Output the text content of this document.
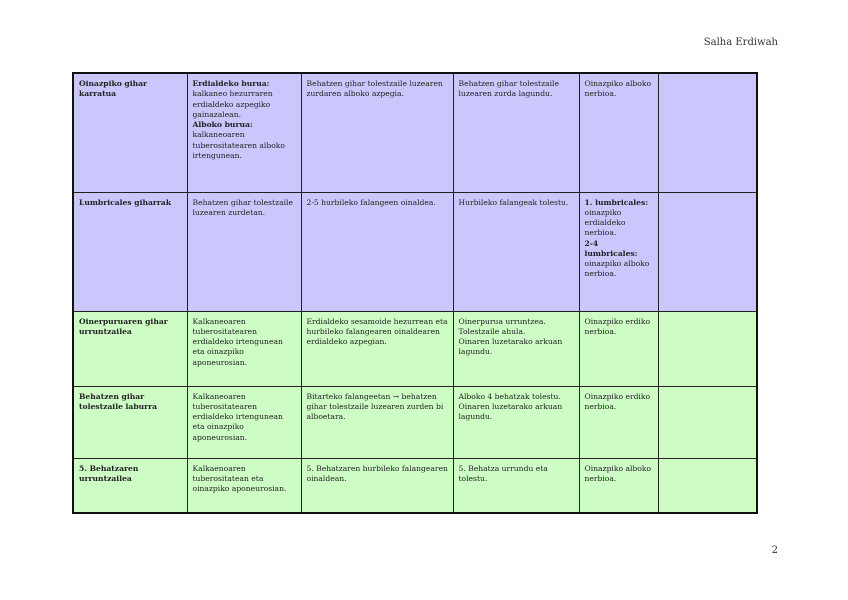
Salha Erdiwah
Oinazpiko gihar karratua	Erdialdeko burua:
kalkaneo hezurraren erdialdeko azpegiko gainazalean.
Alboko burua:
kalkaneoaren tuberositatearen alboko irtengunean.	Behatzen gihar tolestzaile luzearen zurdaren alboko azpegia.	Behatzen gihar tolestzaile luzearen zurda lagundu.	Oinazpiko alboko nerbioa.	

Lumbricales giharrak	Behatzen gihar tolestzaile luzearen zurdetan.	2-5 hurbileko falangeen oinaldea.	Hurbileko falangeak tolestu.	1. lumbricales:
oinazpiko erdialdeko nerbioa.
2-4 lumbricales:
oinazpiko alboko nerbioa.	

Oinerpuruaren gihar urruntzailea	Kalkaneoaren tuberositatearen erdialdeko irtengunean eta oinazpiko aponeurosian.	Erdialdeko sesamoide hezurrean eta hurbileko falangearen oinaldearen erdialdeko azpegian.	Oinerpurua urruntzea.
Tolestzaile ahula.
Oinaren luzetarako arkuan lagundu.	Oinazpiko erdiko nerbioa.	

Behatzen gihar tolestzaile laburra	Kalkaneoaren tuberositatearen erdialdeko irtengunean eta oinazpiko aponeurosian.	Bitarteko falangeetan → behatzen gihar tolestzaile luzearen zurden bi alboetara.	Alboko 4 behatzak tolestu.
Oinaren luzetarako arkuan lagundu.	Oinazpiko erdiko nerbioa.	

5. Behatzaren urruntzailea	Kalkaenoaren tuberositatean eta oinazpiko aponeurosian.	5. Behatzaren hurbileko falangearen oinaldean.	5. Behatza urrundu eta tolestu.	Oinazpiko alboko nerbioa.	

2
